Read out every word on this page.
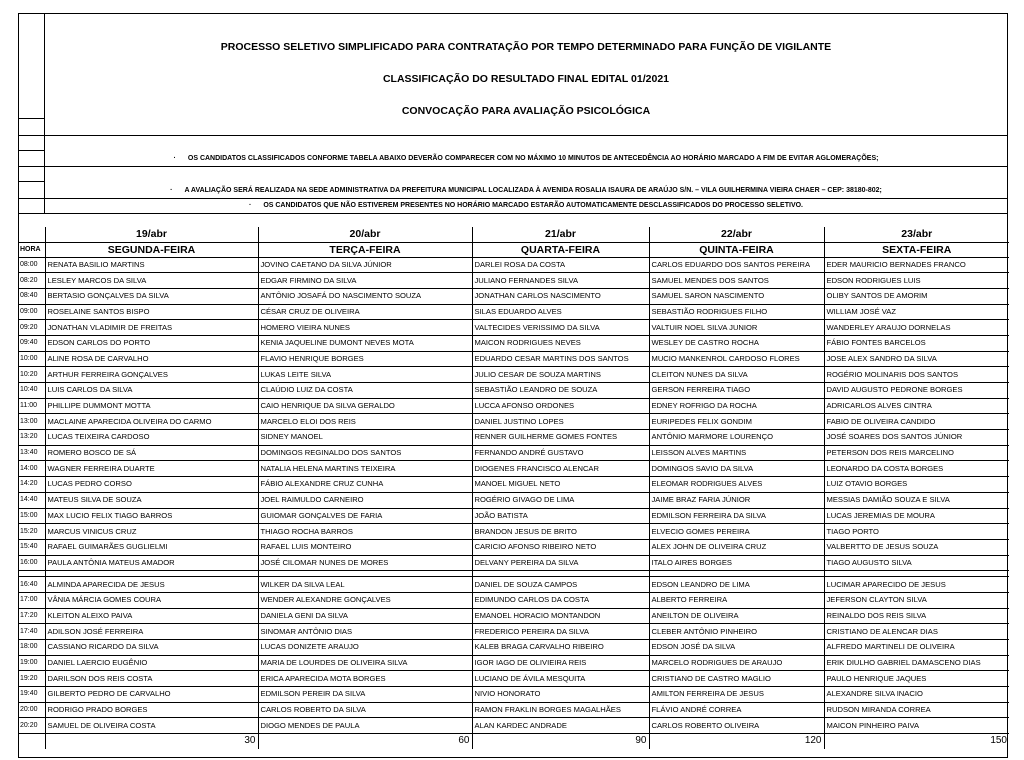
PROCESSO SELETIVO SIMPLIFICADO PARA CONTRATAÇÃO POR TEMPO DETERMINADO PARA FUNÇÃO DE VIGILANTE
CLASSIFICAÇÃO DO RESULTADO FINAL EDITAL 01/2021
CONVOCAÇÃO PARA AVALIAÇÃO PSICOLÓGICA
· OS CANDIDATOS CLASSIFICADOS CONFORME TABELA ABAIXO DEVERÃO COMPARECER COM NO MÁXIMO 10 MINUTOS DE ANTECEDÊNCIA AO HORÁRIO MARCADO A FIM DE EVITAR AGLOMERAÇÕES;
· A AVALIAÇÃO SERÁ REALIZADA NA SEDE ADMINISTRATIVA DA PREFEITURA MUNICIPAL LOCALIZADA À AVENIDA ROSALIA ISAURA DE ARAÚJO S/N. – VILA GUILHERMINA VIEIRA CHAER – CEP: 38180-802;
· OS CANDIDATOS QUE NÃO ESTIVEREM PRESENTES NO HORÁRIO MARCADO ESTARÃO AUTOMATICAMENTE DESCLASSIFICADOS DO PROCESSO SELETIVO.
	19/abr	20/abr	21/abr	22/abr	23/abr
HORA	SEGUNDA-FEIRA	TERÇA-FEIRA	QUARTA-FEIRA	QUINTA-FEIRA	SEXTA-FEIRA
08:00	RENATA BASILIO MARTINS	JOVINO CAETANO DA SILVA JÚNIOR	DARLEI ROSA DA COSTA	CARLOS EDUARDO DOS SANTOS PEREIRA	EDER MAURICIO BERNADES FRANCO
08:20	LESLEY MARCOS DA SILVA	EDGAR FIRMINO DA SILVA	JULIANO FERNANDES SILVA	SAMUEL MENDES DOS SANTOS	EDSON RODRIGUES LUIS
08:40	BERTASIO GONÇALVES DA SILVA	ANTÔNIO JOSAFÁ DO NASCIMENTO SOUZA	JONATHAN CARLOS NASCIMENTO	SAMUEL SARON NASCIMENTO	OLIBY SANTOS DE AMORIM
09:00	ROSELAINE SANTOS BISPO	CÉSAR CRUZ DE OLIVEIRA	SILAS EDUARDO ALVES	SEBASTIÃO RODRIGUES FILHO	WILLIAM JOSÉ VAZ
09:20	JONATHAN VLADIMIR DE FREITAS	HOMERO VIEIRA NUNES	VALTECIDES VERISSIMO DA SILVA	VALTUIR NOEL SILVA JUNIOR	WANDERLEY ARAUJO DORNELAS
09:40	EDSON CARLOS DO PORTO	KENIA JAQUELINE DUMONT NEVES MOTA	MAICON RODRIGUES NEVES	WESLEY DE CASTRO ROCHA	FÁBIO FONTES BARCELOS
10:00	ALINE ROSA DE CARVALHO	FLAVIO HENRIQUE BORGES	EDUARDO CESAR MARTINS DOS SANTOS	MUCIO MANKENROL CARDOSO FLORES	JOSE ALEX SANDRO DA SILVA
10:20	ARTHUR FERREIRA GONÇALVES	LUKAS LEITE SILVA	JULIO CESAR DE SOUZA MARTINS	CLEITON NUNES DA SILVA	ROGÉRIO MOLINARIS DOS SANTOS
10:40	LUIS CARLOS DA SILVA	CLAÚDIO LUIZ DA COSTA	SEBASTIÃO LEANDRO DE SOUZA	GERSON FERREIRA TIAGO	DAVID AUGUSTO PEDRONE BORGES
11:00	PHILLIPE DUMMONT MOTTA	CAIO HENRIQUE DA SILVA GERALDO	LUCCA AFONSO ORDONES	EDNEY ROFRIGO DA ROCHA	ADRICARLOS ALVES CINTRA
13:00	MACLAINE APARECIDA OLIVEIRA DO CARMO	MARCELO ELOI DOS REIS	DANIEL JUSTINO LOPES	EURIPEDES FELIX GONDIM	FABIO DE OLIVEIRA CANDIDO
13:20	LUCAS TEIXEIRA CARDOSO	SIDNEY MANOEL	RENNER GUILHERME GOMES FONTES	ANTÔNIO MARMORE LOURENÇO	JOSÉ SOARES DOS SANTOS JÚNIOR
13:40	ROMERO BOSCO DE SÁ	DOMINGOS REGINALDO DOS SANTOS	FERNANDO ANDRÉ GUSTAVO	LEISSON ALVES MARTINS	PETERSON DOS REIS MARCELINO
14:00	WAGNER FERREIRA DUARTE	NATALIA HELENA MARTINS TEIXEIRA	DIOGENES FRANCISCO ALENCAR	DOMINGOS SAVIO DA SILVA	LEONARDO DA COSTA BORGES
14:20	LUCAS PEDRO CORSO	FÁBIO ALEXANDRE CRUZ CUNHA	MANOEL MIGUEL NETO	ELEOMAR RODRIGUES ALVES	LUIZ OTAVIO BORGES
14:40	MATEUS SILVA DE SOUZA	JOEL RAIMULDO CARNEIRO	ROGÉRIO GIVAGO DE LIMA	JAIME BRAZ FARIA JÚNIOR	MESSIAS DAMIÃO SOUZA E SILVA
15:00	MAX LUCIO FELIX TIAGO BARROS	GUIOMAR GONÇALVES DE FARIA	JOÃO BATISTA	EDMILSON FERREIRA DA SILVA	LUCAS JEREMIAS DE MOURA
15:20	MARCUS VINICUS CRUZ	THIAGO ROCHA BARROS	BRANDON JESUS DE BRITO	ELVECIO GOMES PEREIRA	TIAGO PORTO
15:40	RAFAEL GUIMARÃES GUGLIELMI	RAFAEL LUIS MONTEIRO	CARICIO AFONSO RIBEIRO NETO	ALEX JOHN DE OLIVEIRA CRUZ	VALBERTTO DE JESUS SOUZA
16:00	PAULA ANTÔNIA MATEUS AMADOR	JOSÉ CILOMAR NUNES DE MORES	DELVANY PEREIRA DA SILVA	ITALO AIRES BORGES	TIAGO AUGUSTO SILVA

16:40	ALMINDA APARECIDA DE JESUS	WILKER DA SILVA LEAL	DANIEL DE SOUZA CAMPOS	EDSON LEANDRO DE LIMA	LUCIMAR APARECIDO DE JESUS
17:00	VÂNIA MÁRCIA GOMES COURA	WENDER ALEXANDRE GONÇALVES	EDIMUNDO CARLOS DA COSTA	ALBERTO FERREIRA	JEFERSON CLAYTON SILVA
17:20	KLEITON ALEIXO PAIVA	DANIELA GENI DA SILVA	EMANOEL HORACIO MONTANDON	ANEILTON DE OLIVEIRA	REINALDO DOS REIS SILVA
17:40	ADILSON JOSÉ FERREIRA	SINOMAR ANTÔNIO DIAS	FREDERICO PEREIRA DA SILVA	CLEBER ANTÔNIO PINHEIRO	CRISTIANO DE ALENCAR DIAS
18:00	CASSIANO RICARDO DA SILVA	LUCAS DONIZETE ARAUJO	KALEB BRAGA CARVALHO RIBEIRO	EDSON JOSÉ DA SILVA	ALFREDO MARTINELI DE OLIVEIRA
19:00	DANIEL LAERCIO EUGÊNIO	MARIA DE LOURDES DE OLIVEIRA SILVA	IGOR IAGO DE OLIVIEIRA REIS	MARCELO RODRIGUES DE ARAUJO	ERIK DIULHO GABRIEL DAMASCENO DIAS
19:20	DARILSON DOS REIS COSTA	ERICA APARECIDA MOTA BORGES	LUCIANO DE ÁVILA MESQUITA	CRISTIANO DE CASTRO MAGLIO	PAULO HENRIQUE JAQUES
19:40	GILBERTO PEDRO DE CARVALHO	EDMILSON PEREIR DA SILVA	NIVIO HONORATO	AMILTON FERREIRA DE JESUS	ALEXANDRE SILVA INACIO
20:00	RODRIGO PRADO BORGES	CARLOS ROBERTO DA SILVA	RAMON FRAKLIN BORGES MAGALHÃES	FLÁVIO ANDRÉ CORREA	RUDSON MIRANDA CORREA
20:20	SAMUEL DE OLIVEIRA COSTA	DIOGO MENDES DE PAULA	ALAN KARDEC ANDRADE	CARLOS ROBERTO OLIVEIRA	MAICON PINHEIRO PAIVA
	30	60	90	120	150
